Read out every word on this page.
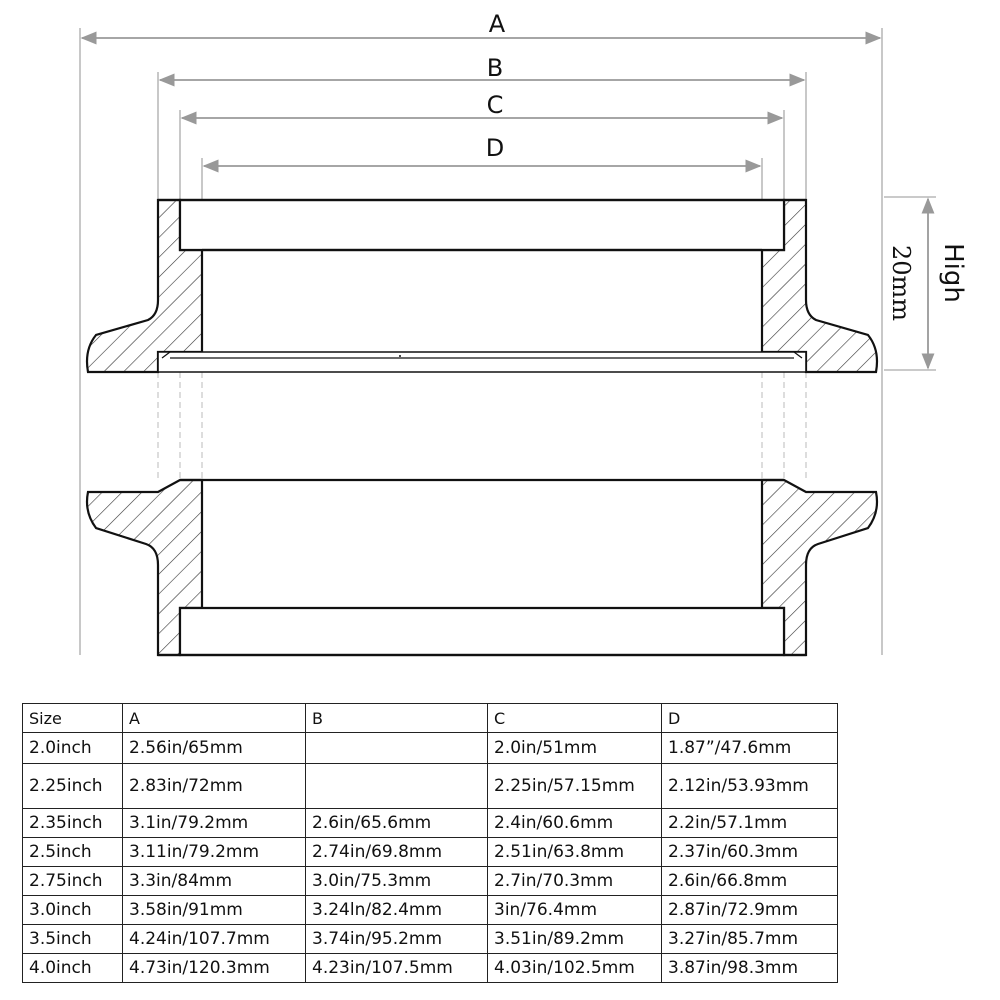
A
B
C
D
20mm High
Size	A	B	C	D
2.0inch	2.56in/65mm		2.0in/51mm	1.87”/47.6mm
2.25inch	2.83in/72mm		2.25in/57.15mm	2.12in/53.93mm
2.35inch	3.1in/79.2mm	2.6in/65.6mm	2.4in/60.6mm	2.2in/57.1mm
2.5inch	3.11in/79.2mm	2.74in/69.8mm	2.51in/63.8mm	2.37in/60.3mm
2.75inch	3.3in/84mm	3.0in/75.3mm	2.7in/70.3mm	2.6in/66.8mm
3.0inch	3.58in/91mm	3.24ln/82.4mm	3in/76.4mm	2.87in/72.9mm
3.5inch	4.24in/107.7mm	3.74in/95.2mm	3.51in/89.2mm	3.27in/85.7mm
4.0inch	4.73in/120.3mm	4.23in/107.5mm	4.03in/102.5mm	3.87in/98.3mm
